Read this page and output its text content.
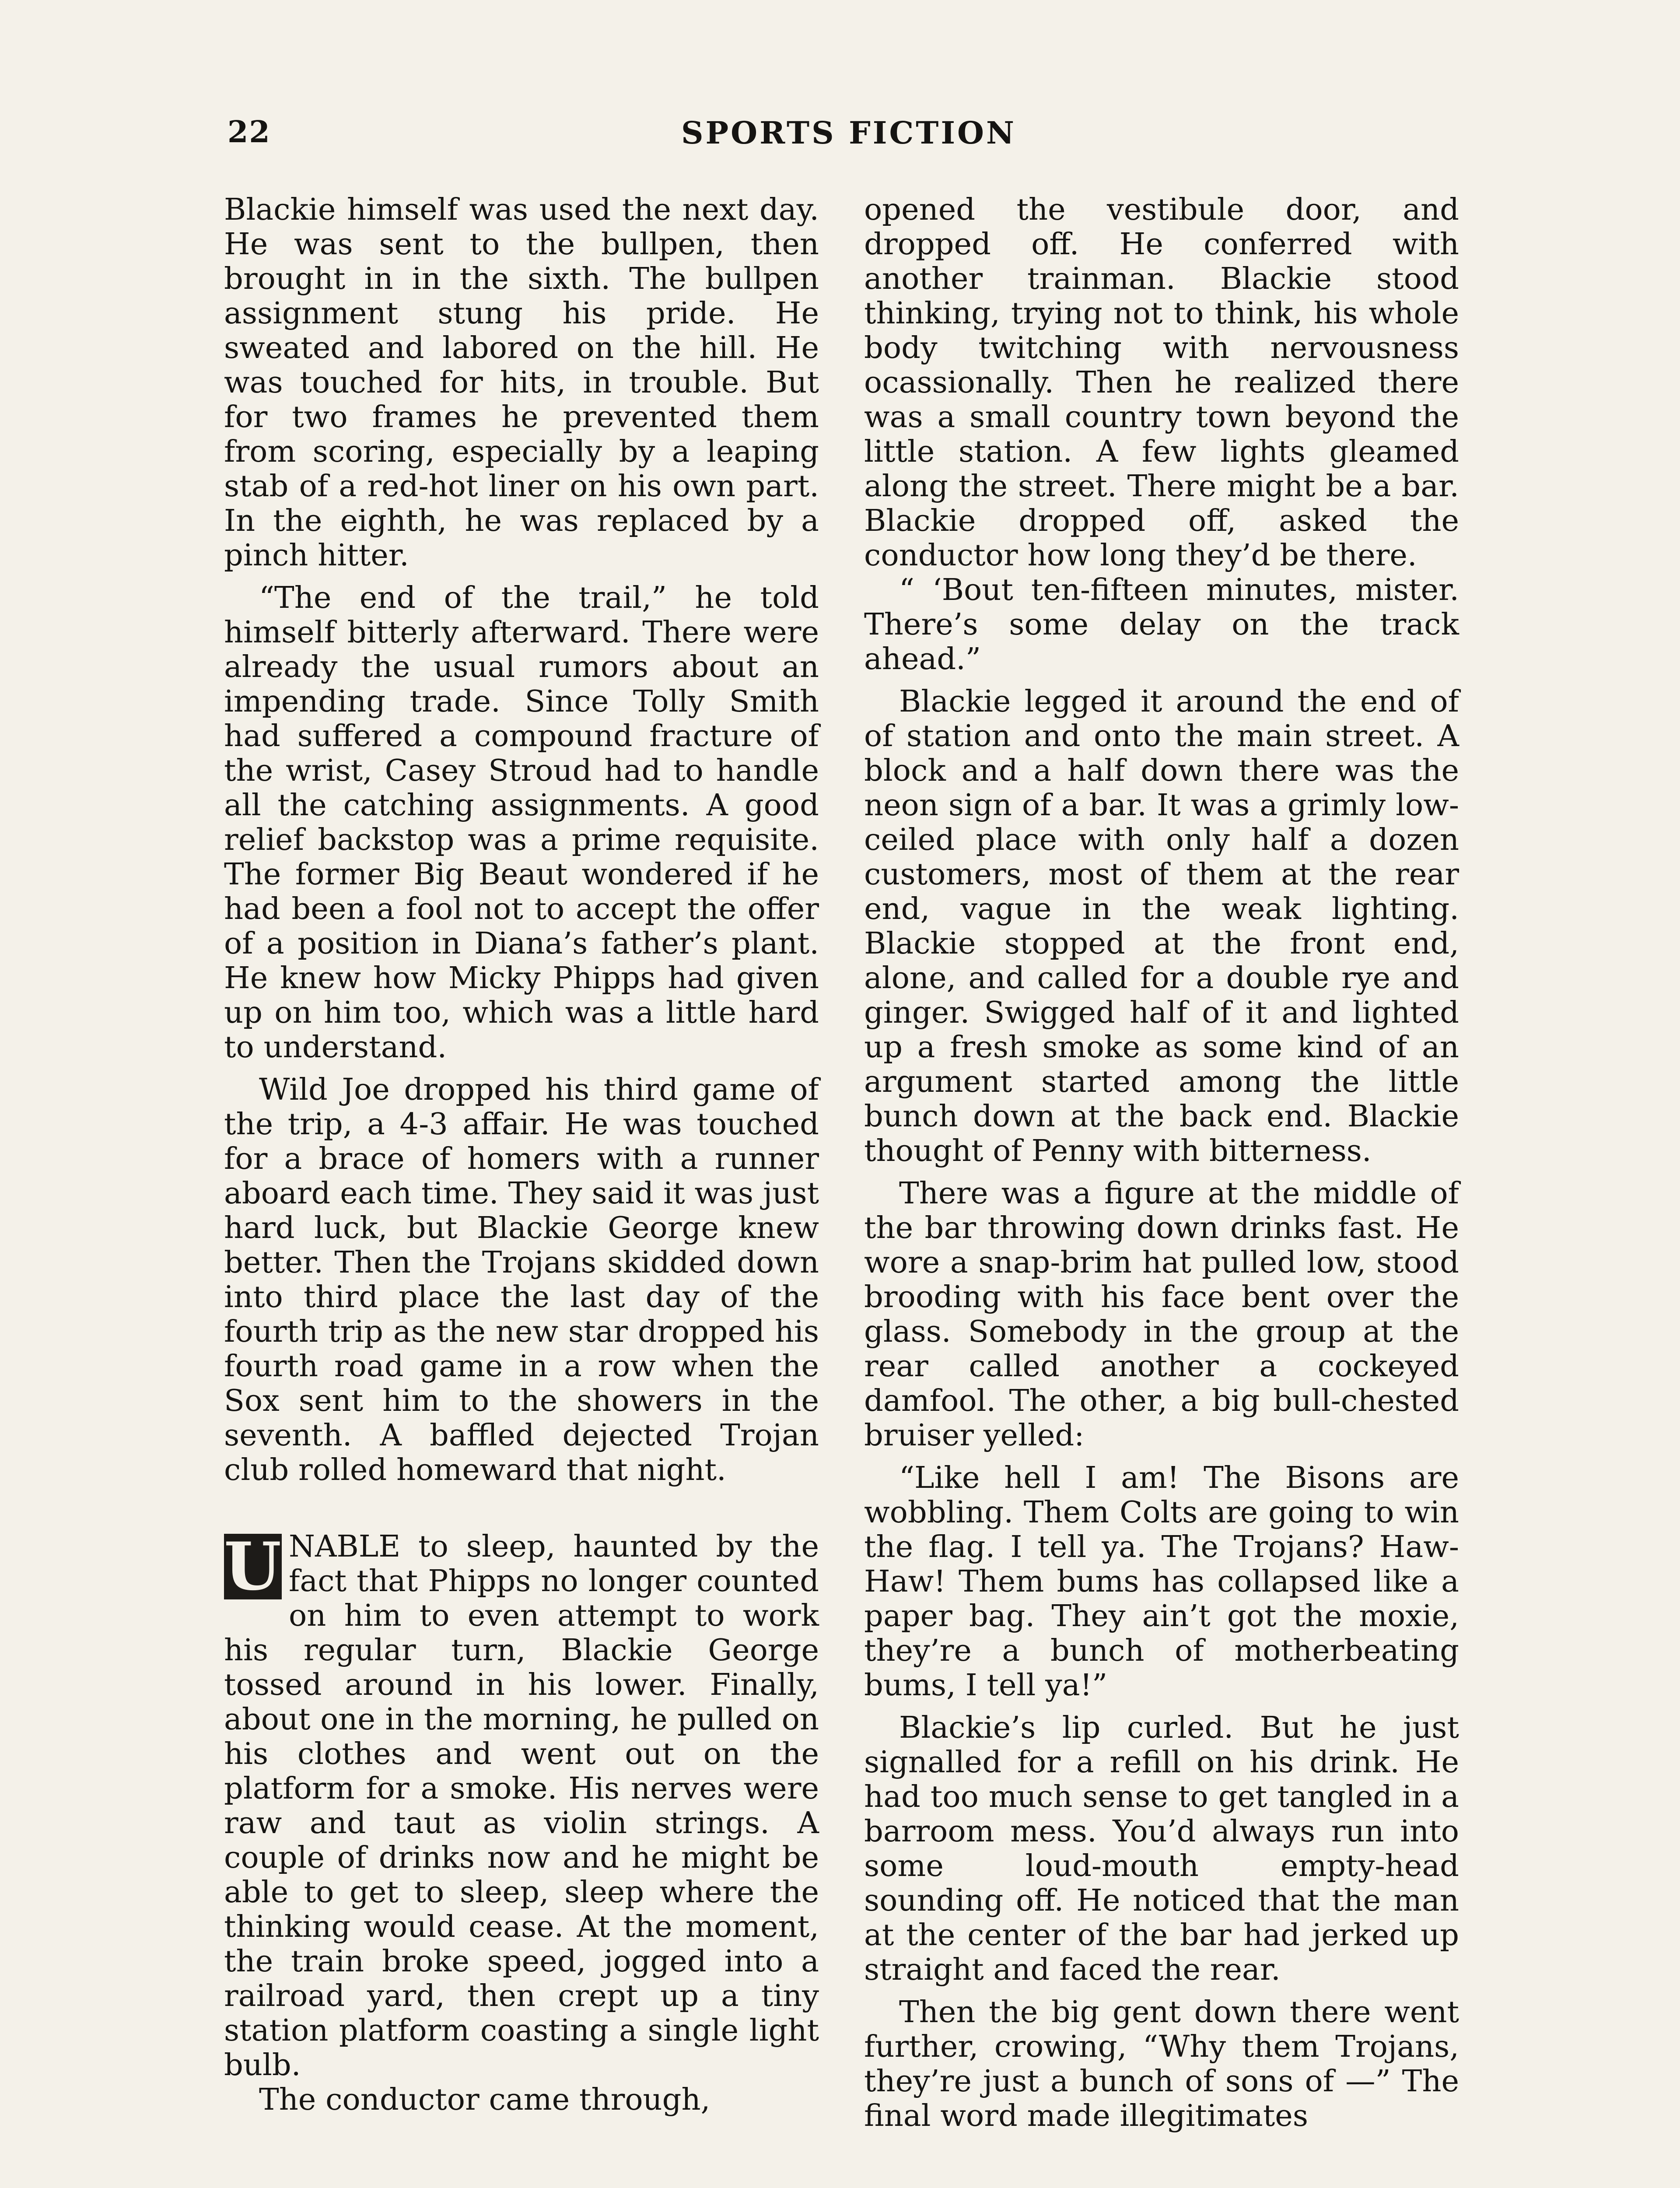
22	SPORTS FICTION

Blackie himself was used the next day. He was sent to the bullpen, then brought in in the sixth. The bullpen assignment stung his pride. He sweated and labored on the hill. He was touched for hits, in trouble. But for two frames he prevented them from scoring, especially by a leaping stab of a red-hot liner on his own part. In the eighth, he was replaced by a pinch hitter.

“The end of the trail,” he told himself bitterly afterward. There were already the usual rumors about an impending trade. Since Tolly Smith had suffered a compound fracture of the wrist, Casey Stroud had to handle all the catching assignments. A good relief backstop was a prime requisite. The former Big Beaut wondered if he had been a fool not to accept the offer of a position in Diana’s father’s plant. He knew how Micky Phipps had given up on him too, which was a little hard to understand.

Wild Joe dropped his third game of the trip, a 4-3 affair. He was touched for a brace of homers with a runner aboard each time. They said it was just hard luck, but Blackie George knew better. Then the Trojans skidded down into third place the last day of the fourth trip as the new star dropped his fourth road game in a row when the Sox sent him to the showers in the seventh. A baffled dejected Trojan club rolled homeward that night.

U NABLE to sleep, haunted by the fact that Phipps no longer counted on him to even attempt to work his regular turn, Blackie George tossed around in his lower. Finally, about one in the morning, he pulled on his clothes and went out on the platform for a smoke. His nerves were raw and taut as violin strings. A couple of drinks now and he might be able to get to sleep, sleep where the thinking would cease. At the moment, the train broke speed, jogged into a railroad yard, then crept up a tiny station platform coasting a single light bulb.

The conductor came through,

opened the vestibule door, and dropped off. He conferred with another trainman. Blackie stood thinking, trying not to think, his whole body twitching with nervousness ocassionally. Then he realized there was a small country town beyond the little station. A few lights gleamed along the street. There might be a bar. Blackie dropped off, asked the conductor how long they’d be there.

“ ‘Bout ten-fifteen minutes, mister. There’s some delay on the track ahead.”

Blackie legged it around the end of of station and onto the main street. A block and a half down there was the neon sign of a bar. It was a grimly low-ceiled place with only half a dozen customers, most of them at the rear end, vague in the weak lighting. Blackie stopped at the front end, alone, and called for a double rye and ginger. Swigged half of it and lighted up a fresh smoke as some kind of an argument started among the little bunch down at the back end. Blackie thought of Penny with bitterness.

There was a figure at the middle of the bar throwing down drinks fast. He wore a snap-brim hat pulled low, stood brooding with his face bent over the glass. Somebody in the group at the rear called another a cockeyed damfool. The other, a big bull-chested bruiser yelled:

“Like hell I am! The Bisons are wobbling. Them Colts are going to win the flag. I tell ya. The Trojans? Haw-Haw! Them bums has collapsed like a paper bag. They ain’t got the moxie, they’re a bunch of motherbeating bums, I tell ya!”

Blackie’s lip curled. But he just signalled for a refill on his drink. He had too much sense to get tangled in a barroom mess. You’d always run into some loud-mouth empty-head sounding off. He noticed that the man at the center of the bar had jerked up straight and faced the rear.

Then the big gent down there went further, crowing, “Why them Trojans, they’re just a bunch of sons of —” The final word made illegitimates
